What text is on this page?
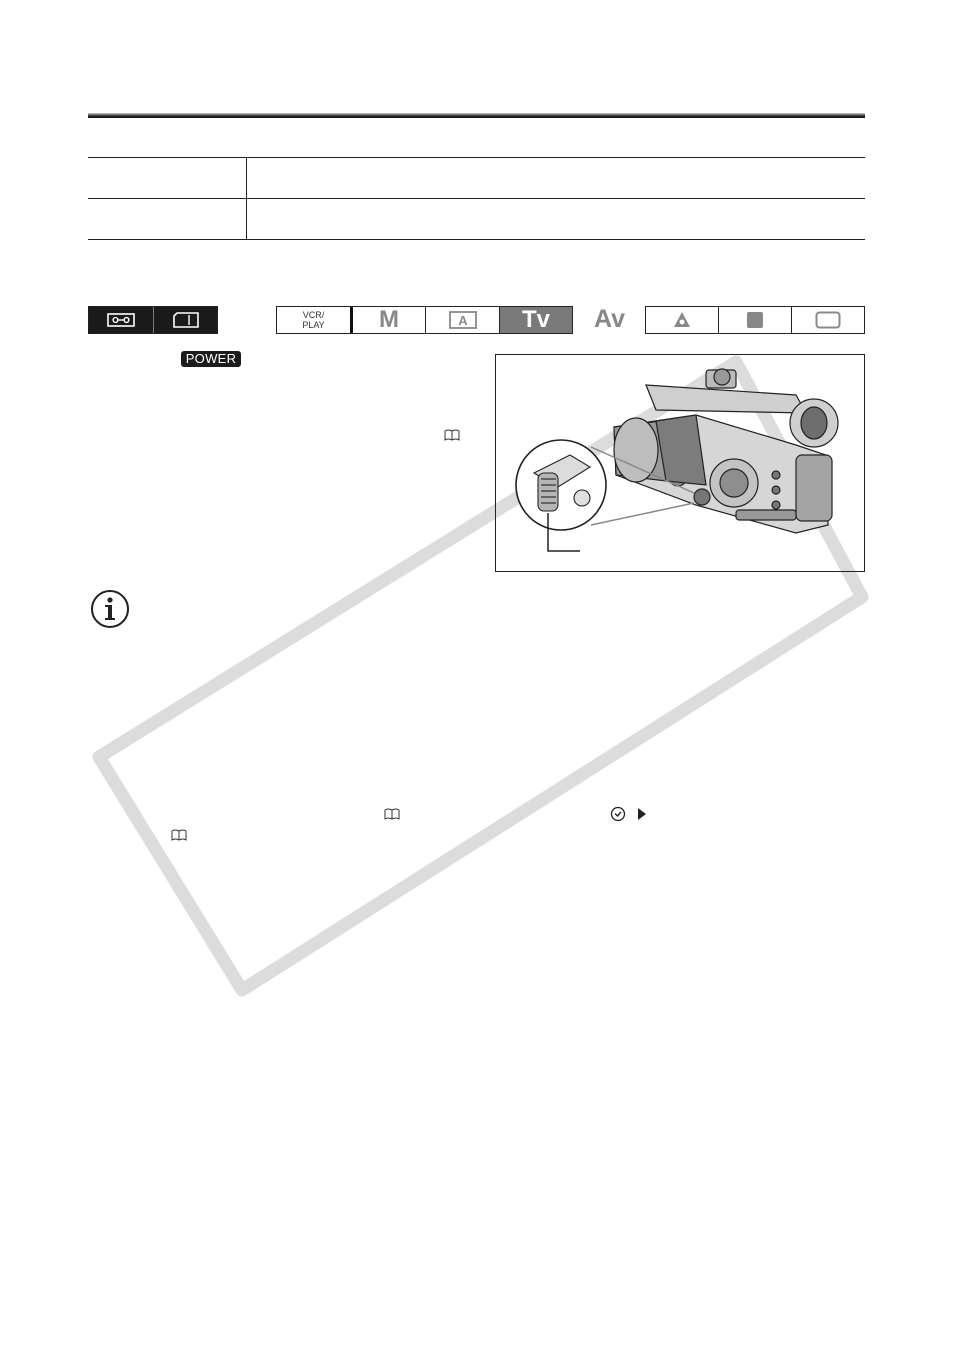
VCR/
PLAY M	A Tv Av
POWER
